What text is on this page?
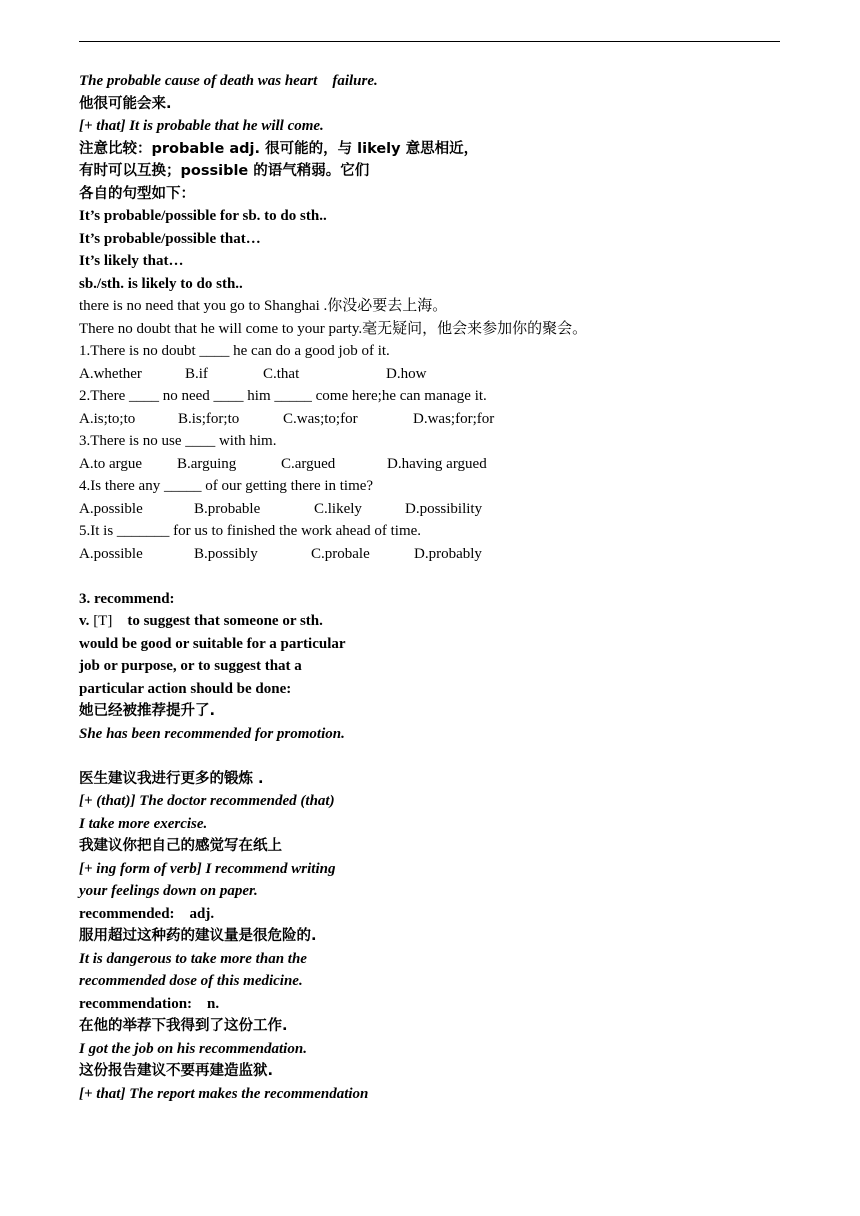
The probable cause of death was heart　failure.
他很可能会来.
[+ that] It is probable that he will come.
注意比较：probable adj. 很可能的，与 likely 意思相近，
有时可以互换；possible 的语气稍弱。它们
各自的句型如下：
It’s probable/possible for sb. to do sth..
It’s probable/possible that…
It’s likely that…
sb./sth. is likely to do sth..
there is no need that you go to Shanghai .你没必要去上海。
There no doubt that he will come to your party.毫无疑问，他会来参加你的聚会。
1.There is no doubt ____ he can do a good job of it.
A.whether	B.if	C.that	D.how
2.There ____ no need ____ him _____ come here;he can manage it.
A.is;to;to	B.is;for;to	C.was;to;for	D.was;for;for
3.There is no use ____ with him.
A.to argue	B.arguing	C.argued	D.having argued
4.Is there any _____ of our getting there in time?
A.possible	B.probable	C.likely	D.possibility
5.It is _______ for us to finished the work ahead of time.
A.possible	B.possibly	C.probale	D.probably
3. recommend:
v. [T]　to suggest that someone or sth.
would be good or suitable for a particular
job or purpose, or to suggest that a
particular action should be done:
她已经被推荐提升了.
She has been recommended for promotion.
医生建议我进行更多的锻炼 .
[+ (that)] The doctor recommended (that)
I take more exercise.
我建议你把自己的感觉写在纸上
[+ ing form of verb] I recommend writing
your feelings down on paper.
recommended:　adj.
服用超过这种药的建议量是很危险的.
It is dangerous to take more than the
recommended dose of this medicine.
recommendation:　n.
在他的举荐下我得到了这份工作.
I got the job on his recommendation.
这份报告建议不要再建造监狱.
[+ that] The report makes the recommendation
